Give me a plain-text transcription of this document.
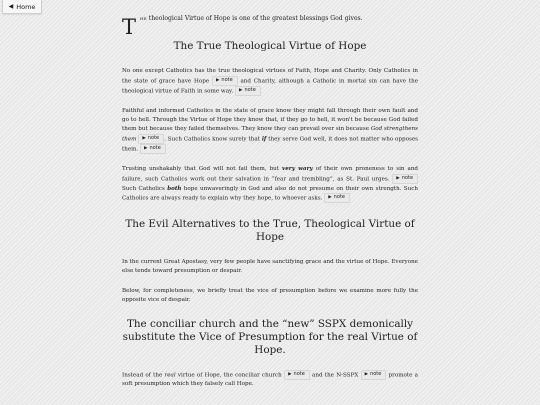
◀ Home
T he theological Virtue of Hope is one of the greatest blessings God gives.
The True Theological Virtue of Hope

No one except Catholics has the true theological virtues of Faith, Hope and Charity. Only Catholics in the state of grace have Hope ▶ note and Charity, although a Catholic in mortal sin can have the theological virtue of Faith in some way. ▶ note

Faithful and informed Catholics in the state of grace know they might fall through their own fault and go to hell. Through the Virtue of Hope they know that, if they go to hell, it won't be because God failed them but because they failed themselves. They know they can prevail over sin because God strengthens them ▶ note . Such Catholics know surely that if they serve God well, it does not matter who opposes them. ▶ note

Trusting unshakably that God will not fail them, but very wary of their own proneness to sin and failure, such Catholics work out their salvation in “fear and trembling”, as St. Paul urges. ▶ note Such Catholics both hope unwaveringly in God and also do not presume on their own strength. Such Catholics are always ready to explain why they hope, to whoever asks. ▶ note

The Evil Alternatives to the True, Theological Virtue of Hope

In the current Great Apostasy, very few people have sanctifying grace and the virtue of Hope. Everyone else tends toward presumption or despair.

Below, for completeness, we briefly treat the vice of presumption before we examine more fully the opposite vice of despair.

The conciliar church and the “new” SSPX demonically substitute the Vice of Presumption for the real Virtue of Hope.

Instead of the real virtue of Hope, the conciliar church ▶ note and the N-SSPX ▶ note promote a soft presumption which they falsely call Hope.
